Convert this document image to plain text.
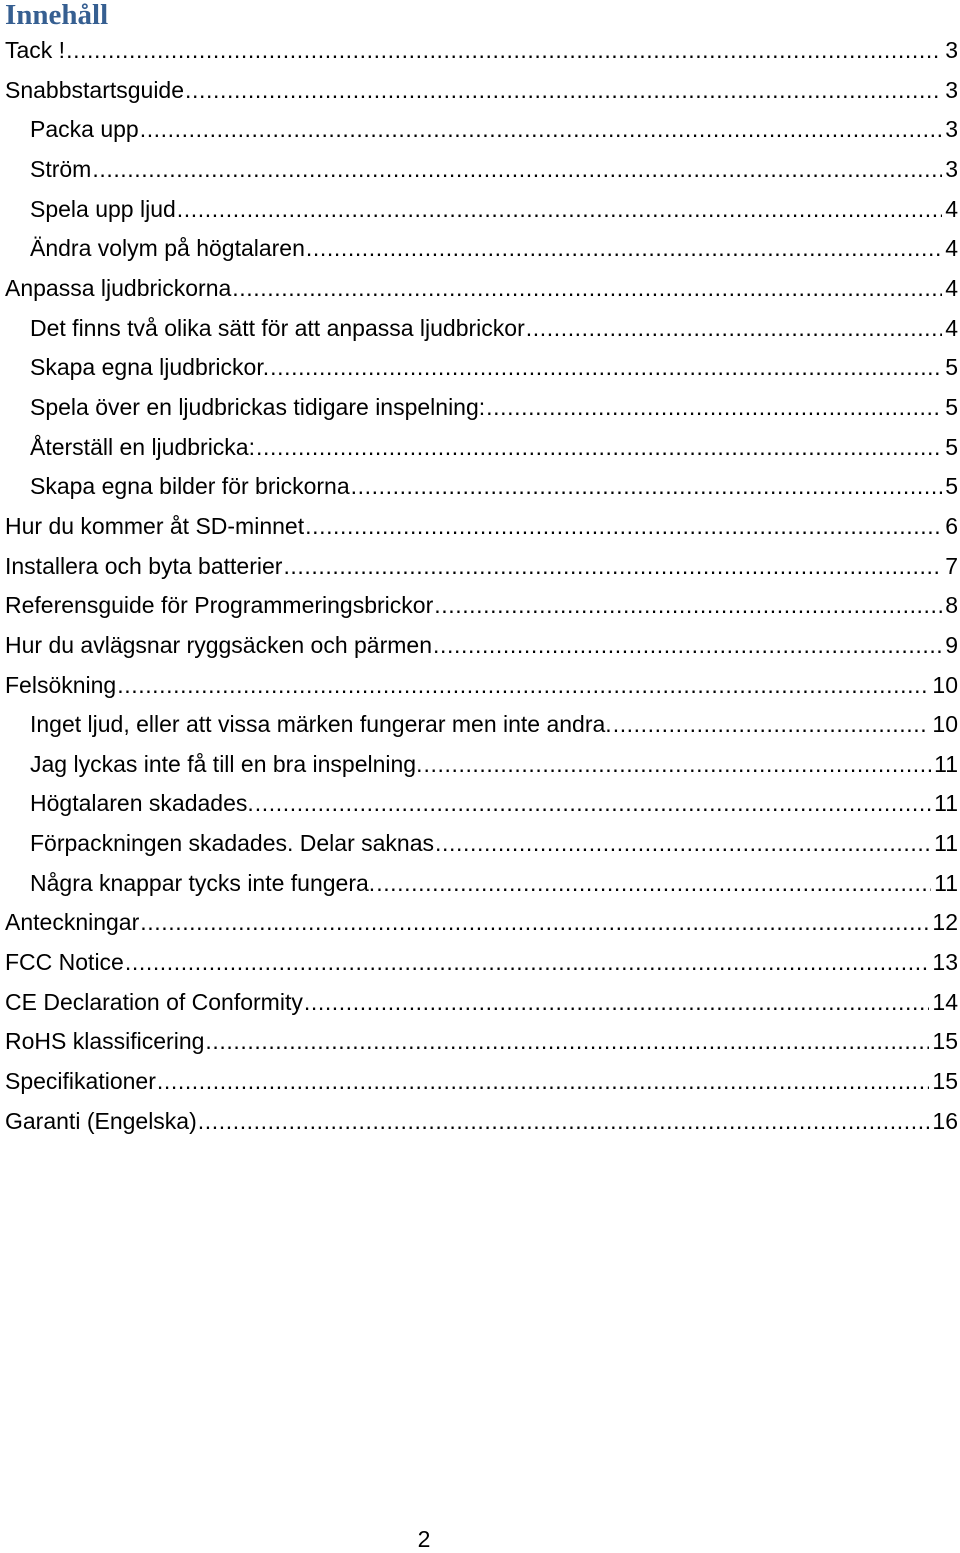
Innehåll
Tack ! .....	3
Snabbstartsguide .....	3
Packa upp .....	3
Ström .....	3
Spela upp ljud .....	4
Ändra volym på högtalaren .....	4
Anpassa ljudbrickorna .....	4
Det finns två olika sätt för att anpassa ljudbrickor .....	4
Skapa egna ljudbrickor. .....	5
Spela över en ljudbrickas tidigare inspelning: .....	5
Återställ en ljudbricka: .....	5
Skapa egna bilder för brickorna .....	5
Hur du kommer åt SD-minnet .....	6
Installera och byta batterier .....	7
Referensguide för Programmeringsbrickor .....	8
Hur du avlägsnar ryggsäcken och pärmen .....	9
Felsökning .....	10
Inget ljud, eller att vissa märken fungerar men inte andra. .....	10
Jag lyckas inte få till en bra inspelning. .....	11
Högtalaren skadades. .....	11
Förpackningen skadades. Delar saknas .....	11
Några knappar tycks inte fungera. .....	11
Anteckningar .....	12
FCC Notice .....	13
CE Declaration of Conformity .....	14
RoHS klassificering .....	15
Specifikationer .....	15
Garanti (Engelska) .....	16
2
